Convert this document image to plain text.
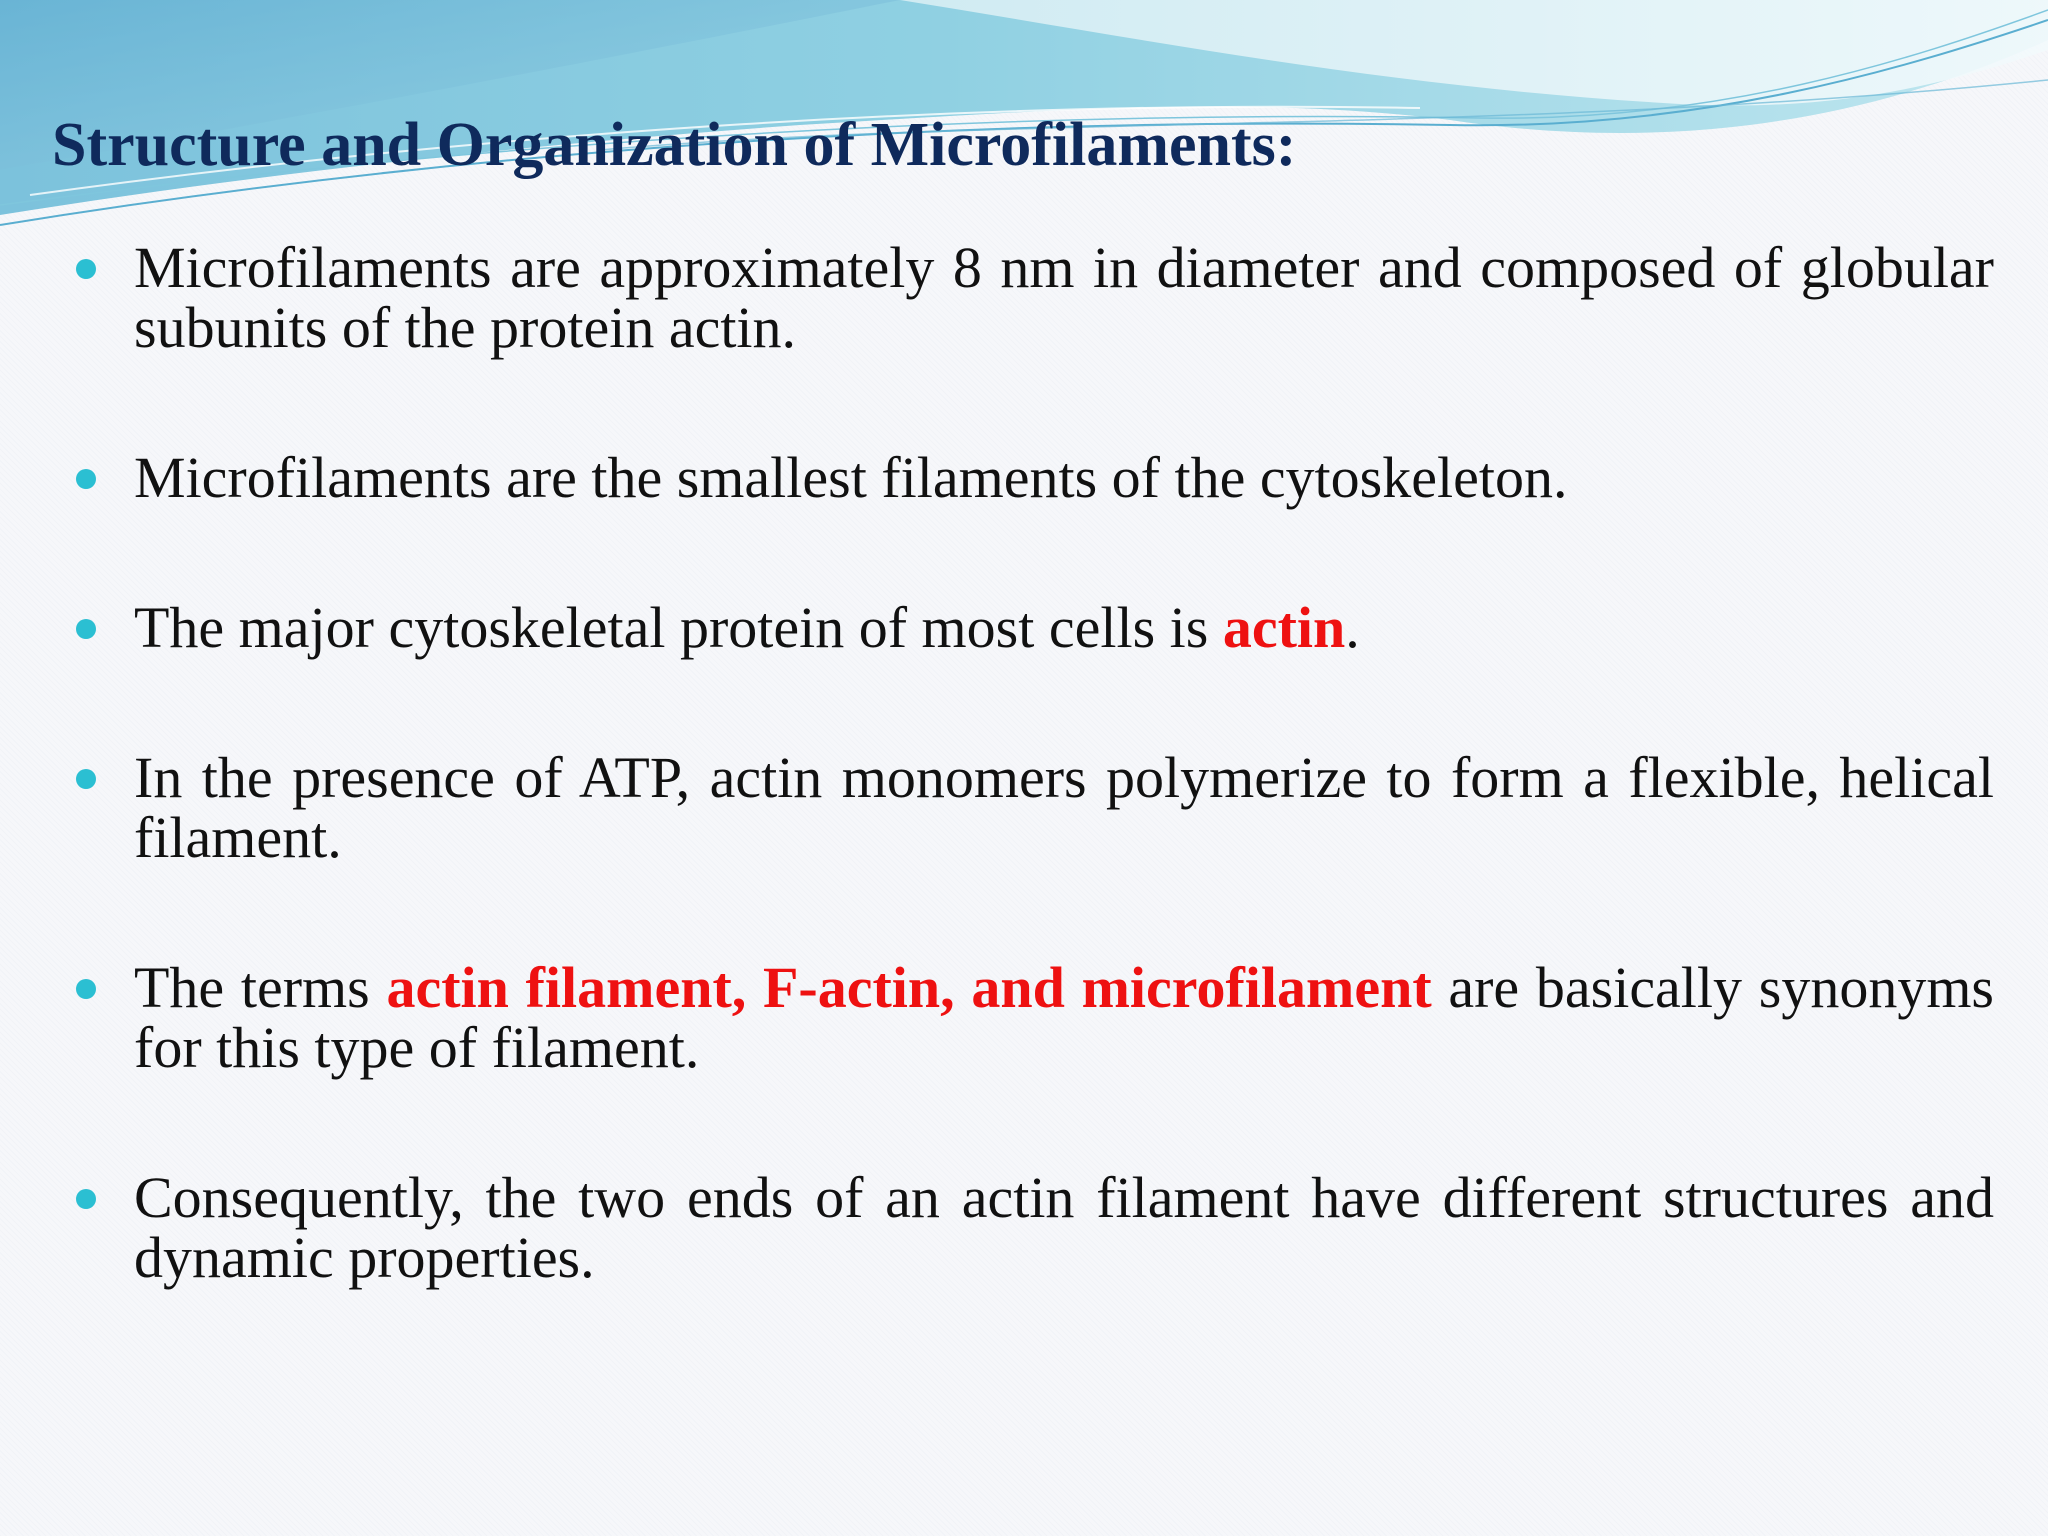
Structure and Organization of Microfilaments:
Microfilaments are approximately 8 nm in diameter and composed of globular subunits of the protein actin.
Microfilaments are the smallest filaments of the cytoskeleton.
The major cytoskeletal protein of most cells is actin.
In the presence of ATP, actin monomers polymerize to form a flexible, helical filament.
The terms actin filament, F-actin, and microfilament are basically synonyms for this type of filament.
Consequently, the two ends of an actin filament have different structures and dynamic properties.
